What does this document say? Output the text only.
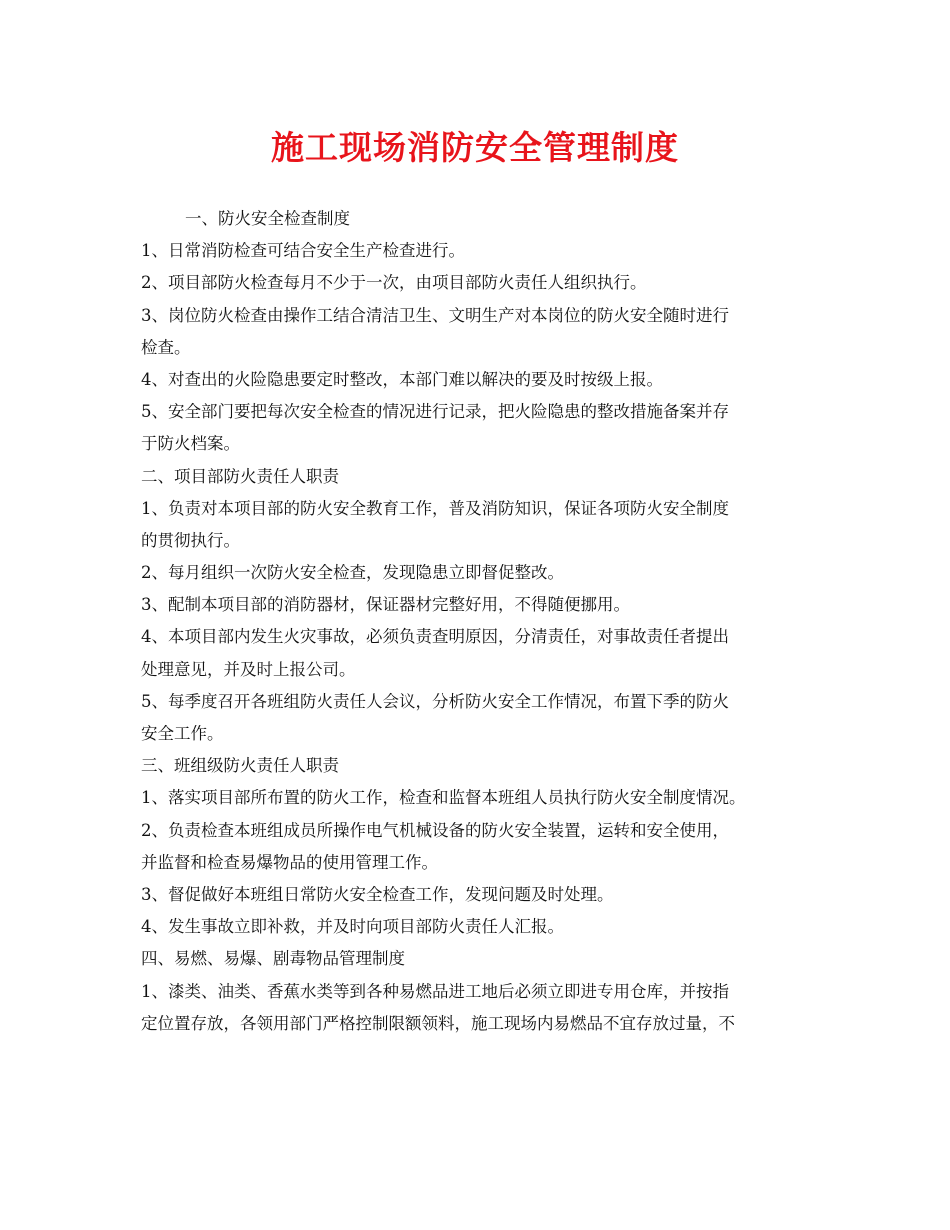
施工现场消防安全管理制度

一、防火安全检查制度

1、日常消防检查可结合安全生产检查进行。

2、项目部防火检查每月不少于一次，由项目部防火责任人组织执行。

3、岗位防火检查由操作工结合清洁卫生、文明生产对本岗位的防火安全随时进行

检查。

4、对查出的火险隐患要定时整改，本部门难以解决的要及时按级上报。

5、安全部门要把每次安全检查的情况进行记录，把火险隐患的整改措施备案并存

于防火档案。

二、项目部防火责任人职责

1、负责对本项目部的防火安全教育工作，普及消防知识，保证各项防火安全制度

的贯彻执行。

2、每月组织一次防火安全检查，发现隐患立即督促整改。

3、配制本项目部的消防器材，保证器材完整好用，不得随便挪用。

4、本项目部内发生火灾事故，必须负责查明原因，分清责任，对事故责任者提出

处理意见，并及时上报公司。

5、每季度召开各班组防火责任人会议，分析防火安全工作情况，布置下季的防火

安全工作。

三、班组级防火责任人职责

1、落实项目部所布置的防火工作，检查和监督本班组人员执行防火安全制度情况。

2、负责检查本班组成员所操作电气机械设备的防火安全装置，运转和安全使用，

并监督和检查易爆物品的使用管理工作。

3、督促做好本班组日常防火安全检查工作，发现问题及时处理。

4、发生事故立即补救，并及时向项目部防火责任人汇报。

四、易燃、易爆、剧毒物品管理制度

1、漆类、油类、香蕉水类等到各种易燃品进工地后必须立即进专用仓库，并按指

定位置存放，各领用部门严格控制限额领料，施工现场内易燃品不宜存放过量，不
